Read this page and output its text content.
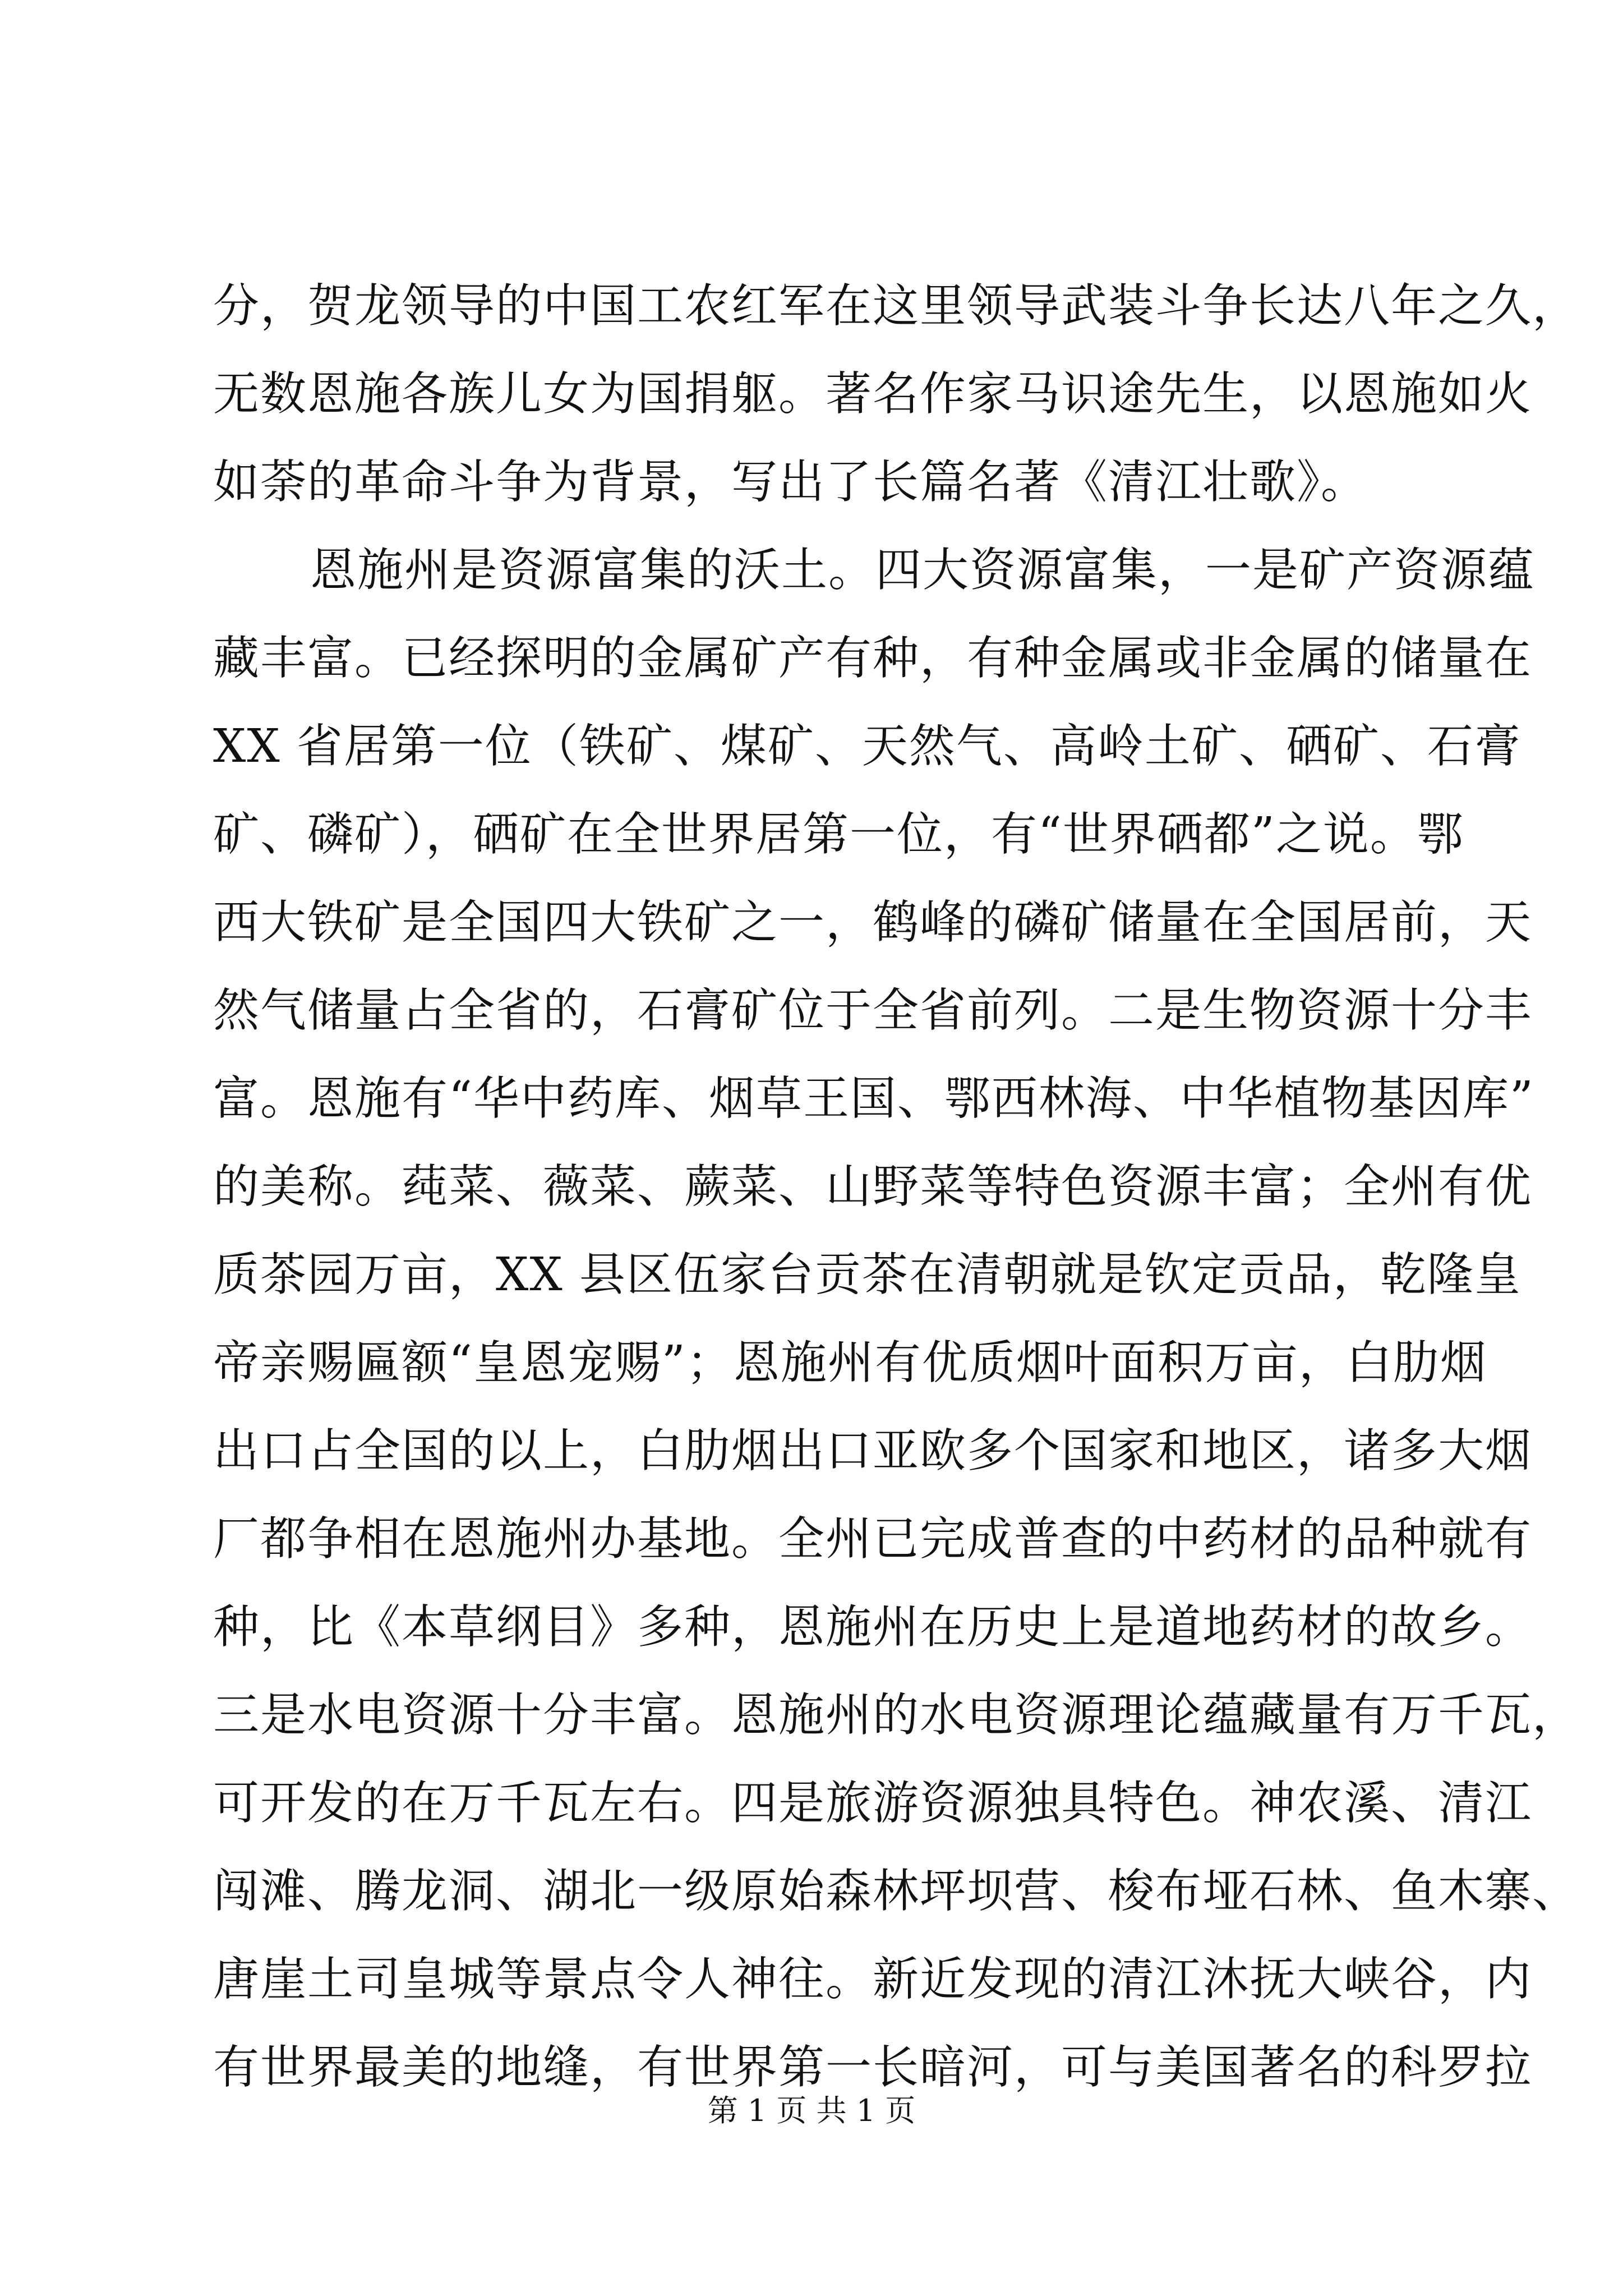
分，贺龙领导的中国工农红军在这里领导武装斗争长达八年之久，
无数恩施各族儿女为国捐躯。著名作家马识途先生，以恩施如火
如荼的革命斗争为背景，写出了长篇名著《清江壮歌》。
恩施州是资源富集的沃土。四大资源富集，一是矿产资源蕴
藏丰富。已经探明的金属矿产有种，有种金属或非金属的储量在
XX 省居第一位（铁矿、煤矿、天然气、高岭土矿、硒矿、石膏
矿、磷矿），硒矿在全世界居第一位，有“世界硒都”之说。鄂
西大铁矿是全国四大铁矿之一，鹤峰的磷矿储量在全国居前，天
然气储量占全省的，石膏矿位于全省前列。二是生物资源十分丰
富。恩施有“华中药库、烟草王国、鄂西林海、中华植物基因库”
的美称。莼菜、薇菜、蕨菜、山野菜等特色资源丰富；全州有优
质茶园万亩，XX 县区伍家台贡茶在清朝就是钦定贡品，乾隆皇
帝亲赐匾额“皇恩宠赐”；恩施州有优质烟叶面积万亩，白肋烟
出口占全国的以上，白肋烟出口亚欧多个国家和地区，诸多大烟
厂都争相在恩施州办基地。全州已完成普查的中药材的品种就有
种，比《本草纲目》多种，恩施州在历史上是道地药材的故乡。
三是水电资源十分丰富。恩施州的水电资源理论蕴藏量有万千瓦，
可开发的在万千瓦左右。四是旅游资源独具特色。神农溪、清江
闯滩、腾龙洞、湖北一级原始森林坪坝营、梭布垭石林、鱼木寨、
唐崖土司皇城等景点令人神往。新近发现的清江沐抚大峡谷，内
有世界最美的地缝，有世界第一长暗河，可与美国著名的科罗拉
第 1 页 共 1 页
